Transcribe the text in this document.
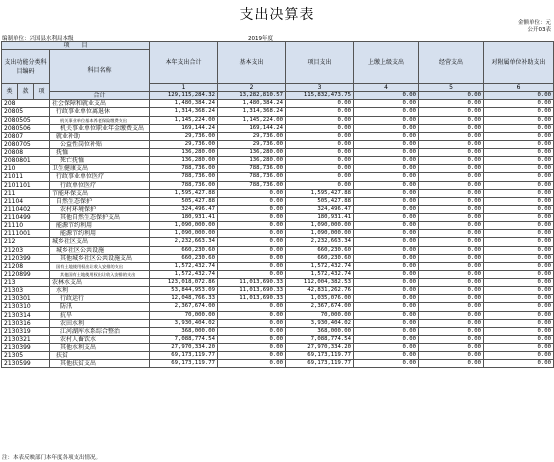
支出决算表	金额单位：元
公开03表
编制单位：兴国县水利局本级	2019年度
项　　目				本年支出合计	基本支出	项目支出	上缴上级支出	经营支出	对附属单位补助支出
支出功能分类科目编码			科目名称						

类	款	项		1	2	3	4	5	6
			合计	129,115,284.32	13,282,810.57	115,832,473.75	0.00	0.00	0.00
208			社会保障和就业支出	1,480,384.24	1,480,384.24	0.00	0.00	0.00	0.00
20805			行政事业单位离退休	1,314,368.24	1,314,368.24	0.00	0.00	0.00	0.00
2080505			机关事业单位基本养老保险缴费支出	1,145,224.00	1,145,224.00	0.00	0.00	0.00	0.00
2080506			机关事业单位职业年金缴费支出	169,144.24	169,144.24	0.00	0.00	0.00	0.00
20807			就业补助	29,736.00	29,736.00	0.00	0.00	0.00	0.00
2080705			公益性岗位补贴	29,736.00	29,736.00	0.00	0.00	0.00	0.00
20808			抚恤	136,280.00	136,280.00	0.00	0.00	0.00	0.00
2080801			死亡抚恤	136,280.00	136,280.00	0.00	0.00	0.00	0.00
210			卫生健康支出	788,736.00	788,736.00	0.00	0.00	0.00	0.00
21011			行政事业单位医疗	788,736.00	788,736.00	0.00	0.00	0.00	0.00
2101101			行政单位医疗	788,736.00	788,736.00	0.00	0.00	0.00	0.00
211			节能环保支出	1,595,427.88	0.00	1,595,427.88	0.00	0.00	0.00
21104			自然生态保护	505,427.88	0.00	505,427.88	0.00	0.00	0.00
2110402			农村环境保护	324,496.47	0.00	324,496.47	0.00	0.00	0.00
2110499			其他自然生态保护支出	180,931.41	0.00	180,931.41	0.00	0.00	0.00
21110			能源节约利用	1,090,000.00	0.00	1,090,000.00	0.00	0.00	0.00
2111001			能源节约利用	1,090,000.00	0.00	1,090,000.00	0.00	0.00	0.00
212			城乡社区支出	2,232,663.34	0.00	2,232,663.34	0.00	0.00	0.00
21203			城乡社区公共设施	660,230.60	0.00	660,230.60	0.00	0.00	0.00
2120399			其他城乡社区公共设施支出	660,230.60	0.00	660,230.60	0.00	0.00	0.00
21208			国有土地使用权出让收入安排的支出	1,572,432.74	0.00	1,572,432.74	0.00	0.00	0.00
2120899			其他国有土地使用权出让收入安排的支出	1,572,432.74	0.00	1,572,432.74	0.00	0.00	0.00
213			农林水支出	123,018,072.86	11,013,690.33	112,004,382.53	0.00	0.00	0.00
21303			水利	53,844,953.09	11,013,690.33	42,831,262.76	0.00	0.00	0.00
2130301			行政运行	12,048,766.33	11,013,690.33	1,035,076.00	0.00	0.00	0.00
2130310			防汛	2,367,674.00	0.00	2,367,674.00	0.00	0.00	0.00
2130314			抗旱	70,000.00	0.00	70,000.00	0.00	0.00	0.00
2130316			农田水利	3,930,404.02	0.00	3,930,404.02	0.00	0.00	0.00
2130319			江河湖库水系综合整治	368,000.00	0.00	368,000.00	0.00	0.00	0.00
2130321			农村人畜饮水	7,088,774.54	0.00	7,088,774.54	0.00	0.00	0.00
2130399			其他水利支出	27,970,334.20	0.00	27,970,334.20	0.00	0.00	0.00
21305			扶贫	69,173,119.77	0.00	69,173,119.77	0.00	0.00	0.00
2130599			其他扶贫支出	69,173,119.77	0.00	69,173,119.77	0.00	0.00	0.00
注：本表反映部门本年度各项支出情况。
